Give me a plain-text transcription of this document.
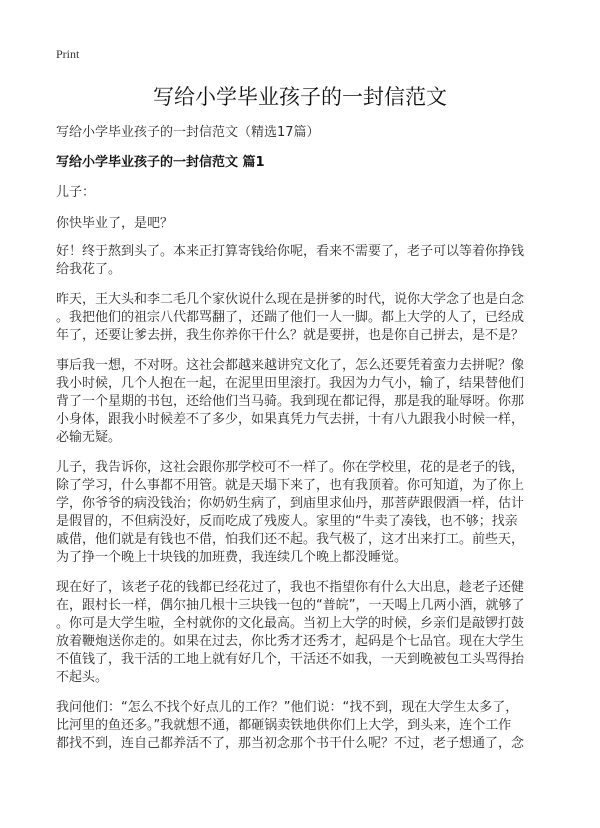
Print
写给小学毕业孩子的一封信范文
写给小学毕业孩子的一封信范文（精选17篇）
写给小学毕业孩子的一封信范文 篇1
儿子：
你快毕业了，是吧？
好！终于熬到头了。本来正打算寄钱给你呢，看来不需要了，老子可以等着你挣钱
给我花了。
昨天，王大头和李二毛几个家伙说什么现在是拼爹的时代，说你大学念了也是白念
。我把他们的祖宗八代都骂翻了，还踹了他们一人一脚。都上大学的人了，已经成
年了，还要让爹去拼，我生你养你干什么？就是要拼，也是你自己拼去，是不是？
事后我一想，不对呀。这社会都越来越讲究文化了，怎么还要凭着蛮力去拼呢？像
我小时候，几个人抱在一起，在泥里田里滚打。我因为力气小，输了，结果替他们
背了一个星期的书包，还给他们当马骑。我到现在都记得，那是我的耻辱呀。你那
小身体，跟我小时候差不了多少，如果真凭力气去拼，十有八九跟我小时候一样，
必输无疑。
儿子，我告诉你，这社会跟你那学校可不一样了。你在学校里，花的是老子的钱，
除了学习，什么事都不用管。就是天塌下来了，也有我顶着。你可知道，为了你上
学，你爷爷的病没钱治；你奶奶生病了，到庙里求仙丹，那菩萨跟假酒一样，估计
是假冒的，不但病没好，反而吃成了残废人。家里的“牛卖了凑钱，也不够；找亲
戚借，他们就是有钱也不借，怕我们还不起。我气极了，这才出来打工。前些天，
为了挣一个晚上十块钱的加班费，我连续几个晚上都没睡觉。
现在好了，该老子花的钱都已经花过了，我也不指望你有什么大出息，趁老子还健
在，跟村长一样，偶尔抽几根十三块钱一包的“普皖”，一天喝上几两小酒，就够了
。你可是大学生啦，全村就你的文化最高。当初上大学的时候，乡亲们是敲锣打鼓
放着鞭炮送你走的。如果在过去，你比秀才还秀才，起码是个七品官。现在大学生
不值钱了，我干活的工地上就有好几个，干活还不如我，一天到晚被包工头骂得抬
不起头。
我问他们：“怎么不找个好点儿的工作？”他们说：“找不到，现在大学生太多了，
比河里的鱼还多。”我就想不通，都砸锅卖铁地供你们上大学，到头来，连个工作
都找不到，连自己都养活不了，那当初念那个书干什么呢？不过，老子想通了，念
